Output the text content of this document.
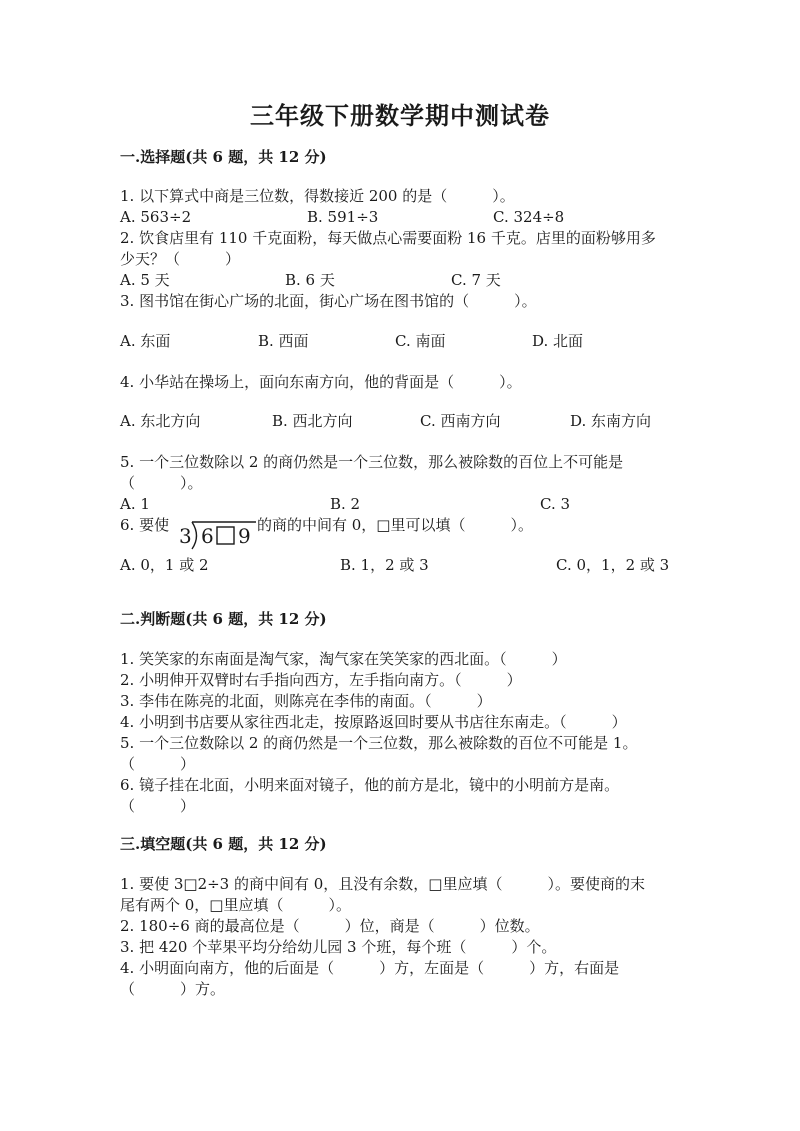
三年级下册数学期中测试卷
一.选择题(共 6 题，共 12 分)
1. 以下算式中商是三位数，得数接近 200 的是（　　　）。
A. 563÷2	B. 591÷3	C. 324÷8
2. 饮食店里有 110 千克面粉，每天做点心需要面粉 16 千克。店里的面粉够用多
少天？（　　　）
A. 5 天	B. 6 天	C. 7 天
3. 图书馆在街心广场的北面，街心广场在图书馆的（　　　）。
A. 东面	B. 西面	C. 南面	D. 北面
4. 小华站在操场上，面向东南方向，他的背面是（　　　）。
A. 东北方向	B. 西北方向	C. 西南方向	D. 东南方向
5. 一个三位数除以 2 的商仍然是一个三位数，那么被除数的百位上不可能是
（　　　）。
A. 1	B. 2	C. 3
6. 要使 3 6 9 的商的中间有 0，□里可以填（　　　）。
A. 0，1 或 2	B. 1，2 或 3	C. 0，1，2 或 3
二.判断题(共 6 题，共 12 分)
1. 笑笑家的东南面是淘气家，淘气家在笑笑家的西北面。（　　　）
2. 小明伸开双臂时右手指向西方，左手指向南方。（　　　）
3. 李伟在陈亮的北面，则陈亮在李伟的南面。（　　　）
4. 小明到书店要从家往西北走，按原路返回时要从书店往东南走。（　　　）
5. 一个三位数除以 2 的商仍然是一个三位数，那么被除数的百位不可能是 1。
（　　　）
6. 镜子挂在北面，小明来面对镜子，他的前方是北，镜中的小明前方是南。
（　　　）
三.填空题(共 6 题，共 12 分)
1. 要使 3□2÷3 的商中间有 0，且没有余数，□里应填（　　　）。要使商的末
尾有两个 0，□里应填（　　　）。
2. 180÷6 商的最高位是（　　　）位，商是（　　　）位数。
3. 把 420 个苹果平均分给幼儿园 3 个班，每个班（　　　）个。
4. 小明面向南方，他的后面是（　　　）方，左面是（　　　）方，右面是
（　　　）方。
